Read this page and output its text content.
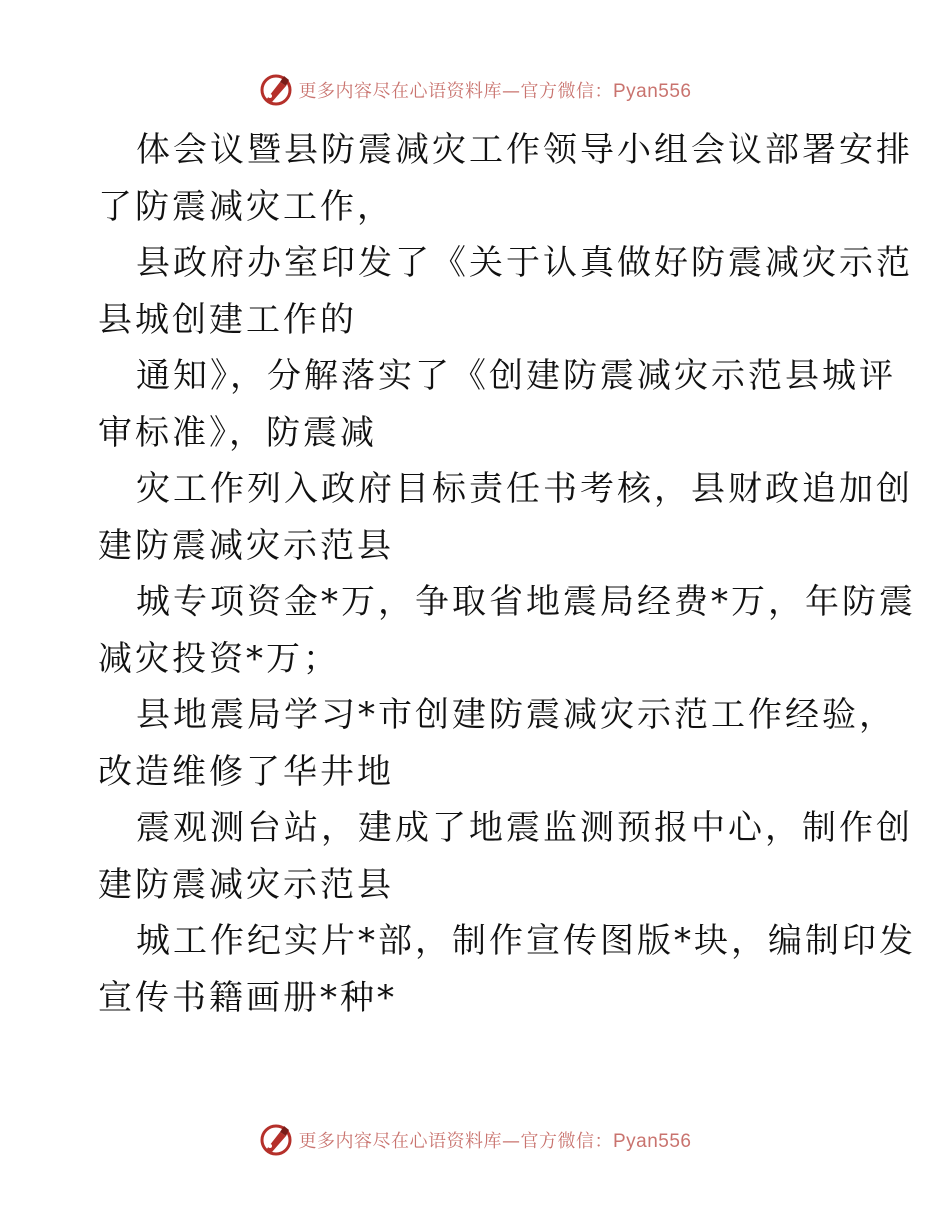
更多内容尽在心语资料库—官方微信：Pyan556
体会议暨县防震减灾工作领导小组会议部署安排
了防震减灾工作，
县政府办室印发了《关于认真做好防震减灾示范
县城创建工作的
通知》，分解落实了《创建防震减灾示范县城评
审标准》，防震减
灾工作列入政府目标责任书考核，县财政追加创
建防震减灾示范县
城专项资金*万，争取省地震局经费*万，年防震
减灾投资*万；
县地震局学习*市创建防震减灾示范工作经验，
改造维修了华井地
震观测台站，建成了地震监测预报中心，制作创
建防震减灾示范县
城工作纪实片*部，制作宣传图版*块，编制印发
宣传书籍画册*种*
更多内容尽在心语资料库—官方微信：Pyan556
